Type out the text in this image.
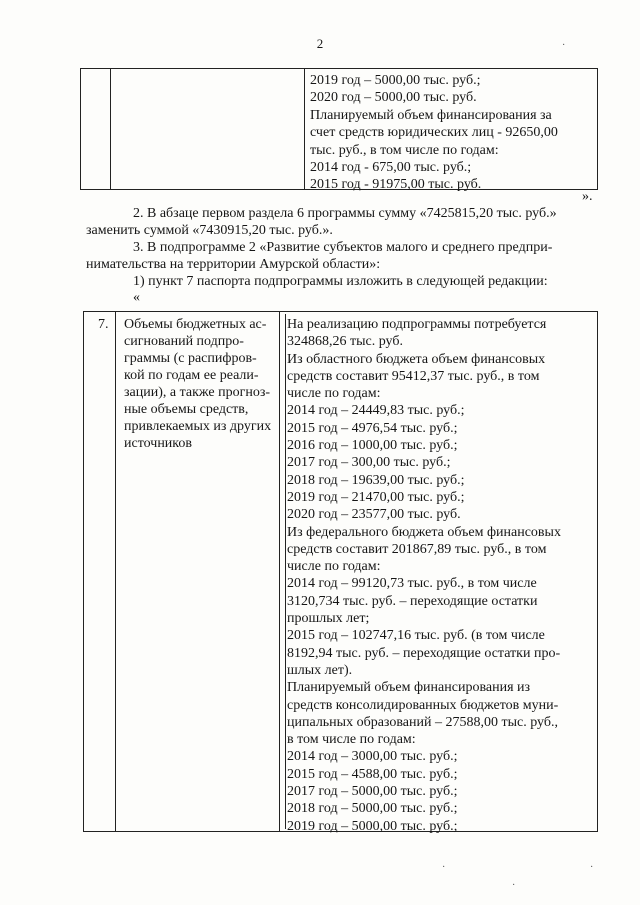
2
2019 год – 5000,00 тыс. руб.;
2020 год – 5000,00 тыс. руб.
Планируемый объем финансирования за
счет средств юридических лиц - 92650,00
тыс. руб., в том числе по годам:
2014 год - 675,00 тыс. руб.;
2015 год - 91975,00 тыс. руб.
».
2. В абзаце первом раздела 6 программы сумму «7425815,20 тыс. руб.»
заменить суммой «7430915,20 тыс. руб.».
3. В подпрограмме 2 «Развитие субъектов малого и среднего предпри-
нимательства на территории Амурской области»:
1) пункт 7 паспорта подпрограммы изложить в следующей редакции:
«
7. Объемы бюджетных ас-
сигнований подпро-
граммы (с распифров-
кой по годам ее реали-
зации), а также прогноз-
ные объемы средств,
привлекаемых из других
источников
На реализацию подпрограммы потребуется
324868,26 тыс. руб.
Из областного бюджета объем финансовых
средств составит 95412,37 тыс. руб., в том
числе по годам:
2014 год – 24449,83 тыс. руб.;
2015 год – 4976,54 тыс. руб.;
2016 год – 1000,00 тыс. руб.;
2017 год – 300,00 тыс. руб.;
2018 год – 19639,00 тыс. руб.;
2019 год – 21470,00 тыс. руб.;
2020 год – 23577,00 тыс. руб.
Из федерального бюджета объем финансовых
средств составит 201867,89 тыс. руб., в том
числе по годам:
2014 год – 99120,73 тыс. руб., в том числе
3120,734 тыс. руб. – переходящие остатки
прошлых лет;
2015 год – 102747,16 тыс. руб. (в том числе
8192,94 тыс. руб. – переходящие остатки про-
шлых лет).
Планируемый объем финансирования из
средств консолидированных бюджетов муни-
ципальных образований – 27588,00 тыс. руб.,
в том числе по годам:
2014 год – 3000,00 тыс. руб.;
2015 год – 4588,00 тыс. руб.;
2017 год – 5000,00 тыс. руб.;
2018 год – 5000,00 тыс. руб.;
2019 год – 5000,00 тыс. руб.;
·
·
·
·
